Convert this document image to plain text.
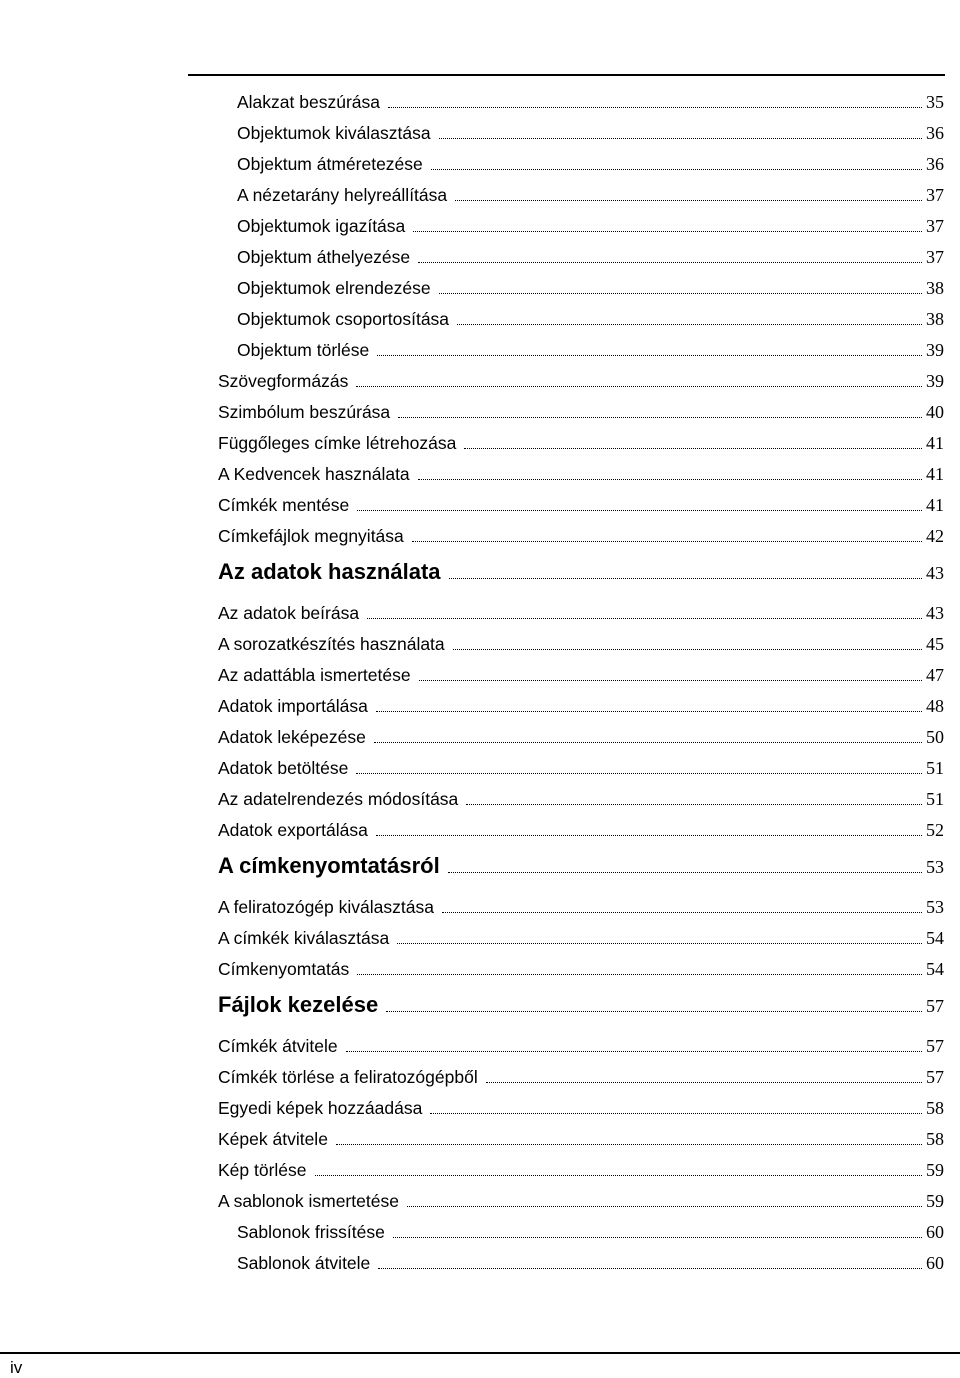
Alakzat beszúrása	35
Objektumok kiválasztása	36
Objektum átméretezése	36
A nézetarány helyreállítása	37
Objektumok igazítása	37
Objektum áthelyezése	37
Objektumok elrendezése	38
Objektumok csoportosítása	38
Objektum törlése	39
Szövegformázás	39
Szimbólum beszúrása	40
Függőleges címke létrehozása	41
A Kedvencek használata	41
Címkék mentése	41
Címkefájlok megnyitása	42
Az adatok használata	43
Az adatok beírása	43
A sorozatkészítés használata	45
Az adattábla ismertetése	47
Adatok importálása	48
Adatok leképezése	50
Adatok betöltése	51
Az adatelrendezés módosítása	51
Adatok exportálása	52
A címkenyomtatásról	53
A feliratozógép kiválasztása	53
A címkék kiválasztása	54
Címkenyomtatás	54
Fájlok kezelése	57
Címkék átvitele	57
Címkék törlése a feliratozógépből	57
Egyedi képek hozzáadása	58
Képek átvitele	58
Kép törlése	59
A sablonok ismertetése	59
Sablonok frissítése	60
Sablonok átvitele	60
iv
